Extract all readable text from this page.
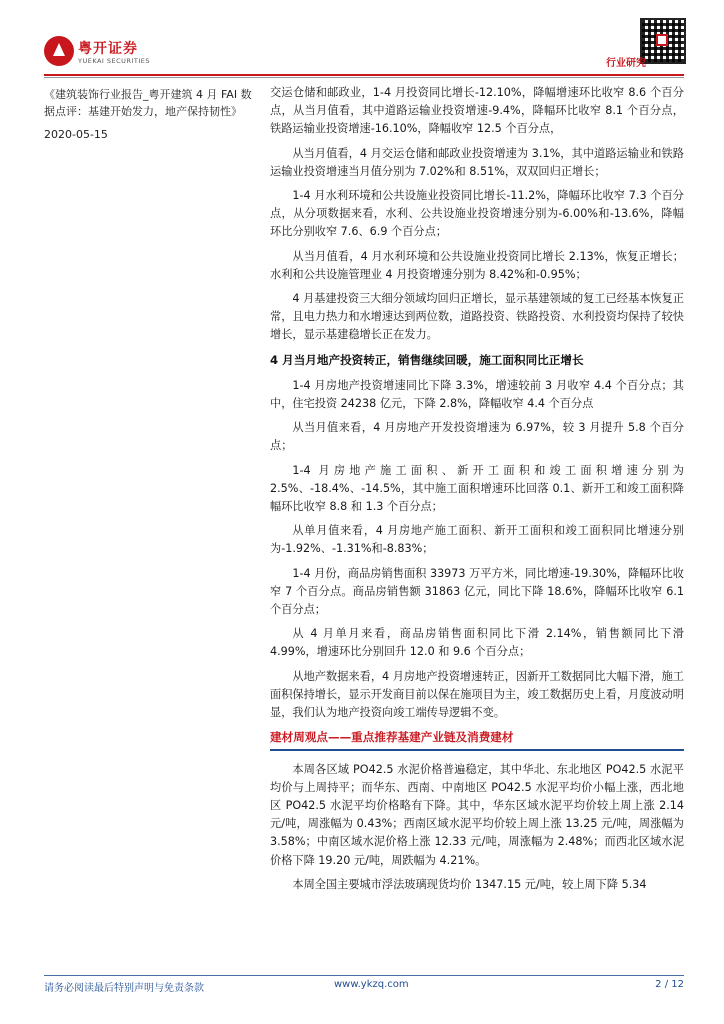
粤开证券
YUEKAI SECURITIES	行业研究
《建筑装饰行业报告_粤开建筑 4 月 FAI 数据点评：基建开始发力，地产保持韧性》
2020-05-15

交运仓储和邮政业，1-4 月投资同比增长-12.10%，降幅增速环比收窄 8.6 个百分点，从当月值看，其中道路运输业投资增速-9.4%，降幅环比收窄 8.1 个百分点，铁路运输业投资增速-16.10%，降幅收窄 12.5 个百分点，

从当月值看，4 月交运仓储和邮政业投资增速为 3.1%，其中道路运输业和铁路运输业投资增速当月值分别为 7.02%和 8.51%，双双回归正增长；

1-4 月水利环境和公共设施业投资同比增长-11.2%，降幅环比收窄 7.3 个百分点，从分项数据来看，水利、公共设施业投资增速分别为-6.00%和-13.6%，降幅环比分别收窄 7.6、6.9 个百分点；

从当月值看，4 月水利环境和公共设施业投资同比增长 2.13%，恢复正增长；水利和公共设施管理业 4 月投资增速分别为 8.42%和-0.95%；

4 月基建投资三大细分领域均回归正增长，显示基建领域的复工已经基本恢复正常，且电力热力和水增速达到两位数，道路投资、铁路投资、水利投资均保持了较快增长，显示基建稳增长正在发力。

4 月当月地产投资转正，销售继续回暖，施工面积同比正增长

1-4 月房地产投资增速同比下降 3.3%，增速较前 3 月收窄 4.4 个百分点；其中，住宅投资 24238 亿元，下降 2.8%，降幅收窄 4.4 个百分点

从当月值来看，4 月房地产开发投资增速为 6.97%，较 3 月提升 5.8 个百分点；

1-4 月房地产施工面积、新开工面积和竣工面积增速分别为 2.5%、-18.4%、-14.5%，其中施工面积增速环比回落 0.1、新开工和竣工面积降幅环比收窄 8.8 和 1.3 个百分点；

从单月值来看，4 月房地产施工面积、新开工面积和竣工面积同比增速分别为-1.92%、-1.31%和-8.83%；

1-4 月份，商品房销售面积 33973 万平方米，同比增速-19.30%，降幅环比收窄 7 个百分点。商品房销售额 31863 亿元，同比下降 18.6%，降幅环比收窄 6.1 个百分点；

从 4 月单月来看，商品房销售面积同比下滑 2.14%，销售额同比下滑 4.99%，增速环比分别回升 12.0 和 9.6 个百分点；

从地产数据来看，4 月房地产投资增速转正，因新开工数据同比大幅下滑，施工面积保持增长，显示开发商目前以保在施项目为主，竣工数据历史上看，月度波动明显，我们认为地产投资向竣工端传导逻辑不变。

建材周观点——重点推荐基建产业链及消费建材

本周各区域 PO42.5 水泥价格普遍稳定，其中华北、东北地区 PO42.5 水泥平均价与上周持平；而华东、西南、中南地区 PO42.5 水泥平均价小幅上涨，西北地区 PO42.5 水泥平均价格略有下降。其中，华东区域水泥平均价较上周上涨 2.14 元/吨，周涨幅为 0.43%；西南区域水泥平均价较上周上涨 13.25 元/吨，周涨幅为 3.58%；中南区域水泥价格上涨 12.33 元/吨，周涨幅为 2.48%；而西北区域水泥价格下降 19.20 元/吨，周跌幅为 4.21%。

本周全国主要城市浮法玻璃现货均价 1347.15 元/吨，较上周下降 5.34

请务必阅读最后特别声明与免责条款	www.ykzq.com	2 / 12
